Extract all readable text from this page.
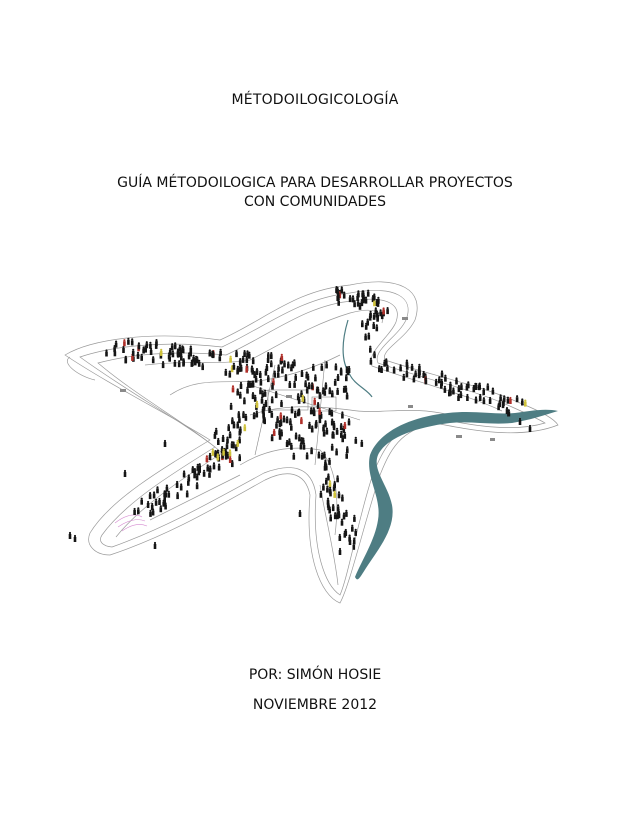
MÉTODOILOGICOLOGÍA
GUÍA MÉTODOILOGICA PARA DESARROLLAR PROYECTOS
CON COMUNIDADES
POR: SIMÓN HOSIE
NOVIEMBRE 2012
